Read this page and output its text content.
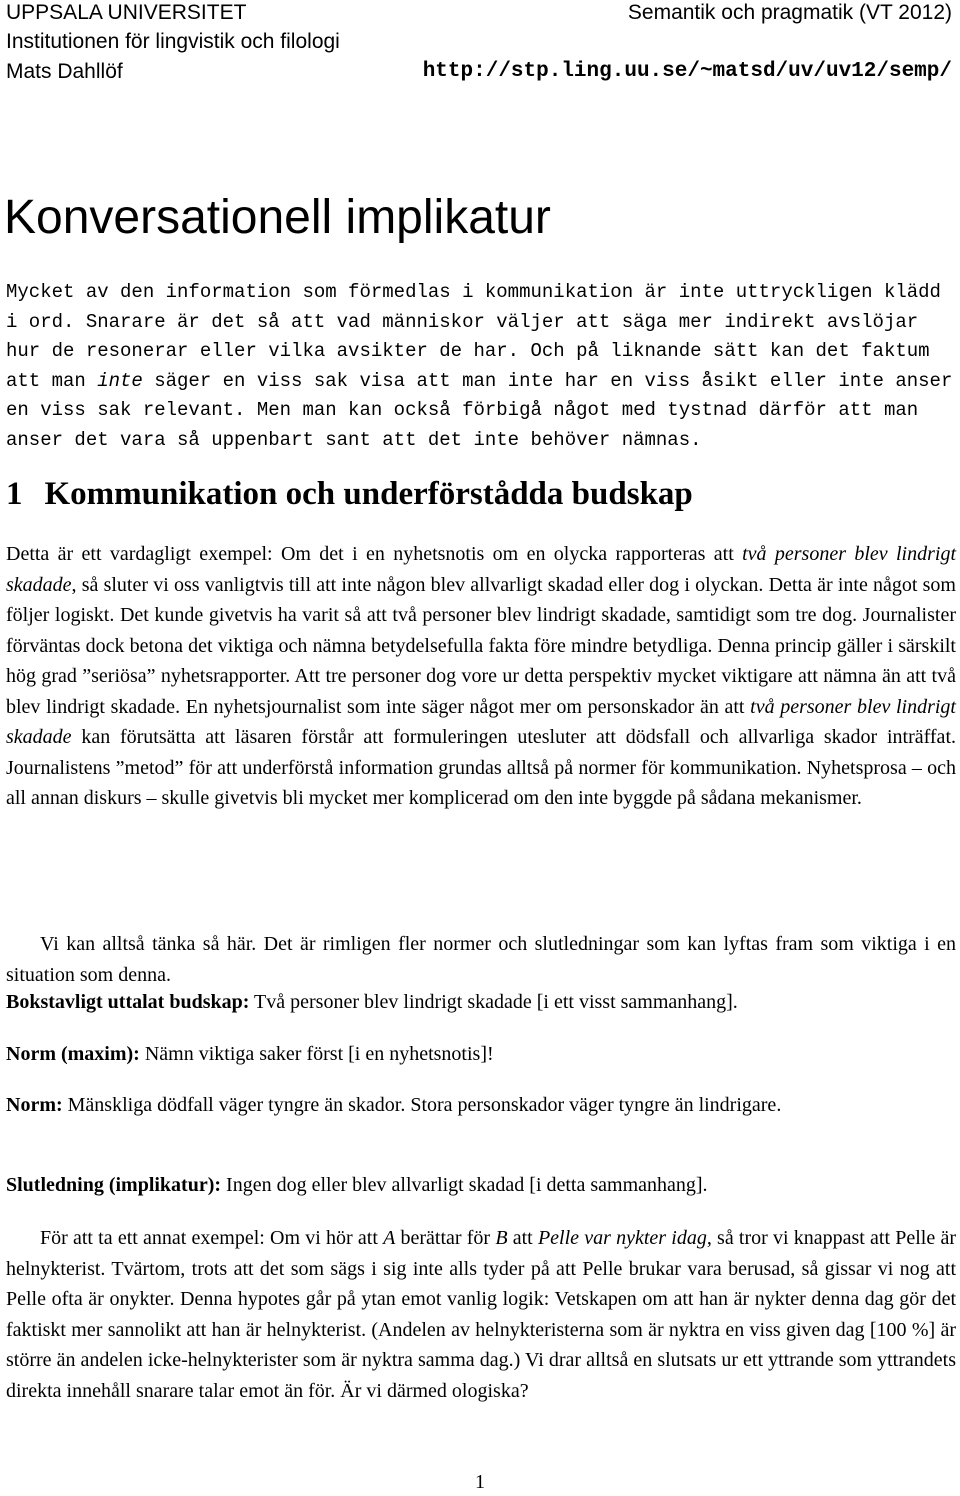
UPPSALA UNIVERSITET
Institutionen för lingvistik och filologi
Mats Dahllöf
Semantik och pragmatik (VT 2012)
http://stp.ling.uu.se/~matsd/uv/uv12/semp/
Konversationell implikatur

Mycket av den information som förmedlas i kommunikation är inte uttryckligen klädd i ord. Snarare är det så att vad människor väljer att säga mer indirekt avslöjar hur de resonerar eller vilka avsikter de har. Och på liknande sätt kan det faktum att man inte säger en viss sak visa att man inte har en viss åsikt eller inte anser en viss sak relevant. Men man kan också förbigå något med tystnad därför att man anser det vara så uppenbart sant att det inte behöver nämnas.

1 Kommunikation och underförstådda budskap

Detta är ett vardagligt exempel: Om det i en nyhetsnotis om en olycka rapporteras att två personer blev lindrigt skadade, så sluter vi oss vanligtvis till att inte någon blev allvarligt skadad eller dog i olyckan. Detta är inte något som följer logiskt. Det kunde givetvis ha varit så att två personer blev lindrigt skadade, samtidigt som tre dog. Journalister förväntas dock betona det viktiga och nämna betydelsefulla fakta före mindre betydliga. Denna princip gäller i särskilt hög grad ”seriösa” nyhetsrapporter. Att tre personer dog vore ur detta perspektiv mycket viktigare att nämna än att två blev lindrigt skadade. En nyhetsjournalist som inte säger något mer om personskador än att två personer blev lindrigt skadade kan förutsätta att läsaren förstår att formuleringen utesluter att dödsfall och allvarliga skador inträffat. Journalistens ”metod” för att underförstå information grundas alltså på normer för kommunikation. Nyhetsprosa – och all annan diskurs – skulle givetvis bli mycket mer komplicerad om den inte byggde på sådana mekanismer.

Vi kan alltså tänka så här. Det är rimligen fler normer och slutledningar som kan lyftas fram som viktiga i en situation som denna.

Bokstavligt uttalat budskap: Två personer blev lindrigt skadade [i ett visst sammanhang].

Norm (maxim): Nämn viktiga saker först [i en nyhetsnotis]!

Norm: Mänskliga dödfall väger tyngre än skador. Stora personskador väger tyngre än lindrigare.

Slutledning (implikatur): Ingen dog eller blev allvarligt skadad [i detta sammanhang].

För att ta ett annat exempel: Om vi hör att A berättar för B att Pelle var nykter idag, så tror vi knappast att Pelle är helnykterist. Tvärtom, trots att det som sägs i sig inte alls tyder på att Pelle brukar vara berusad, så gissar vi nog att Pelle ofta är onykter. Denna hypotes går på ytan emot vanlig logik: Vetskapen om att han är nykter denna dag gör det faktiskt mer sannolikt att han är helnykterist. (Andelen av helnykteristerna som är nyktra en viss given dag [100 %] är större än andelen icke-helnykterister som är nyktra samma dag.) Vi drar alltså en slutsats ur ett yttrande som yttrandets direkta innehåll snarare talar emot än för. Är vi därmed ologiska?

1
